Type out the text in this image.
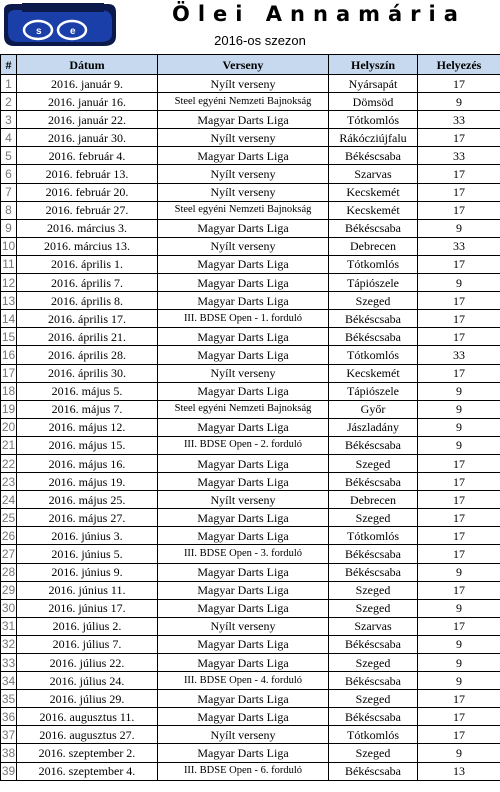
s	e
Ölei Annamária
2016-os szezon
#	Dátum	Verseny	Helyszín	Helyezés
1	2016. január 9.	Nyílt verseny	Nyársapát	17
2	2016. január 16.	Steel egyéni Nemzeti Bajnokság	Dömsöd	9
3	2016. január 22.	Magyar Darts Liga	Tótkomlós	33
4	2016. január 30.	Nyílt verseny	Rákócziújfalu	17
5	2016. február 4.	Magyar Darts Liga	Békéscsaba	33
6	2016. február 13.	Nyílt verseny	Szarvas	17
7	2016. február 20.	Nyílt verseny	Kecskemét	17
8	2016. február 27.	Steel egyéni Nemzeti Bajnokság	Kecskemét	17
9	2016. március 3.	Magyar Darts Liga	Békéscsaba	9
10	2016. március 13.	Nyílt verseny	Debrecen	33
11	2016. április 1.	Magyar Darts Liga	Tótkomlós	17
12	2016. április 7.	Magyar Darts Liga	Tápiószele	9
13	2016. április 8.	Magyar Darts Liga	Szeged	17
14	2016. április 17.	III. BDSE Open - 1. forduló	Békéscsaba	17
15	2016. április 21.	Magyar Darts Liga	Békéscsaba	17
16	2016. április 28.	Magyar Darts Liga	Tótkomlós	33
17	2016. április 30.	Nyílt verseny	Kecskemét	17
18	2016. május 5.	Magyar Darts Liga	Tápiószele	9
19	2016. május 7.	Steel egyéni Nemzeti Bajnokság	Győr	9
20	2016. május 12.	Magyar Darts Liga	Jászladány	9
21	2016. május 15.	III. BDSE Open - 2. forduló	Békéscsaba	9
22	2016. május 16.	Magyar Darts Liga	Szeged	17
23	2016. május 19.	Magyar Darts Liga	Békéscsaba	17
24	2016. május 25.	Nyílt verseny	Debrecen	17
25	2016. május 27.	Magyar Darts Liga	Szeged	17
26	2016. június 3.	Magyar Darts Liga	Tótkomlós	17
27	2016. június 5.	III. BDSE Open - 3. forduló	Békéscsaba	17
28	2016. június 9.	Magyar Darts Liga	Békéscsaba	9
29	2016. június 11.	Magyar Darts Liga	Szeged	17
30	2016. június 17.	Magyar Darts Liga	Szeged	9
31	2016. július 2.	Nyílt verseny	Szarvas	17
32	2016. július 7.	Magyar Darts Liga	Békéscsaba	9
33	2016. július 22.	Magyar Darts Liga	Szeged	9
34	2016. július 24.	III. BDSE Open - 4. forduló	Békéscsaba	9
35	2016. július 29.	Magyar Darts Liga	Szeged	17
36	2016. augusztus 11.	Magyar Darts Liga	Békéscsaba	17
37	2016. augusztus 27.	Nyílt verseny	Tótkomlós	17
38	2016. szeptember 2.	Magyar Darts Liga	Szeged	9
39	2016. szeptember 4.	III. BDSE Open - 6. forduló	Békéscsaba	13
